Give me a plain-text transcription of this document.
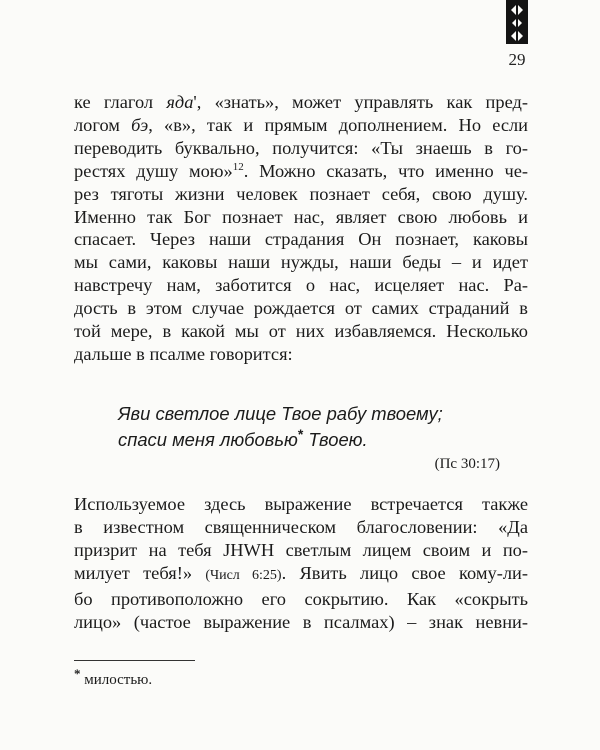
29

ке глагол яда', «знать», может управлять как пред-
логом бэ, «в», так и прямым дополнением. Но если
переводить буквально, получится: «Ты знаешь в го-
рестях душу мою»$^{12}$. Можно сказать, что именно че-
рез тяготы жизни человек познает себя, свою душу.
Именно так Бог познает нас, являет свою любовь и
спасает. Через наши страдания Он познает, каковы
мы сами, каковы наши нужды, наши беды – и идет
навстречу нам, заботится о нас, исцеляет нас. Ра-
дость в этом случае рождается от самих страданий в
той мере, в какой мы от них избавляемся. Несколько
дальше в псалме говорится:

Яви светлое лице Твое рабу твоему;
спаси меня любовью* Твоею.

(Пс 30:17)

Используемое здесь выражение встречается также
в известном священническом благословении: «Да
призрит на тебя JHWH светлым лицем своим и по-
милует тебя!» (Числ 6:25). Явить лицо свое кому-ли-
бо противоположно его сокрытию. Как «сокрыть
лицо» (частое выражение в псалмах) – знак невни-

* милостью.
